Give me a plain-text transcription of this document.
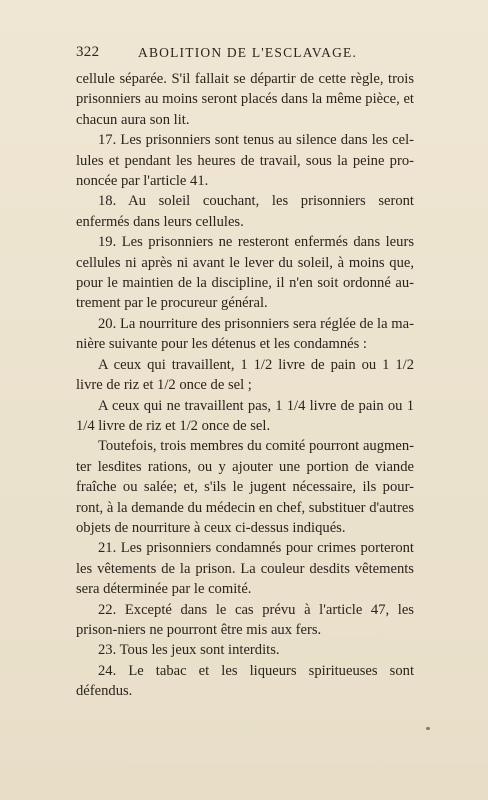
322	ABOLITION DE L'ESCLAVAGE.

cellule séparée. S'il fallait se départir de cette règle, trois prisonniers au moins seront placés dans la même pièce, et chacun aura son lit.

17. Les prisonniers sont tenus au silence dans les cel-lules et pendant les heures de travail, sous la peine pro-noncée par l'article 41.

18. Au soleil couchant, les prisonniers seront enfermés dans leurs cellules.

19. Les prisonniers ne resteront enfermés dans leurs cellules ni après ni avant le lever du soleil, à moins que, pour le maintien de la discipline, il n'en soit ordonné au-trement par le procureur général.

20. La nourriture des prisonniers sera réglée de la ma-nière suivante pour les détenus et les condamnés :

A ceux qui travaillent, 1 1/2 livre de pain ou 1 1/2 livre de riz et 1/2 once de sel ;

A ceux qui ne travaillent pas, 1 1/4 livre de pain ou 1 1/4 livre de riz et 1/2 once de sel.

Toutefois, trois membres du comité pourront augmen-ter lesdites rations, ou y ajouter une portion de viande fraîche ou salée; et, s'ils le jugent nécessaire, ils pour-ront, à la demande du médecin en chef, substituer d'autres objets de nourriture à ceux ci-dessus indiqués.

21. Les prisonniers condamnés pour crimes porteront les vêtements de la prison. La couleur desdits vêtements sera déterminée par le comité.

22. Excepté dans le cas prévu à l'article 47, les prison-niers ne pourront être mis aux fers.

23. Tous les jeux sont interdits.

24. Le tabac et les liqueurs spiritueuses sont défendus.
